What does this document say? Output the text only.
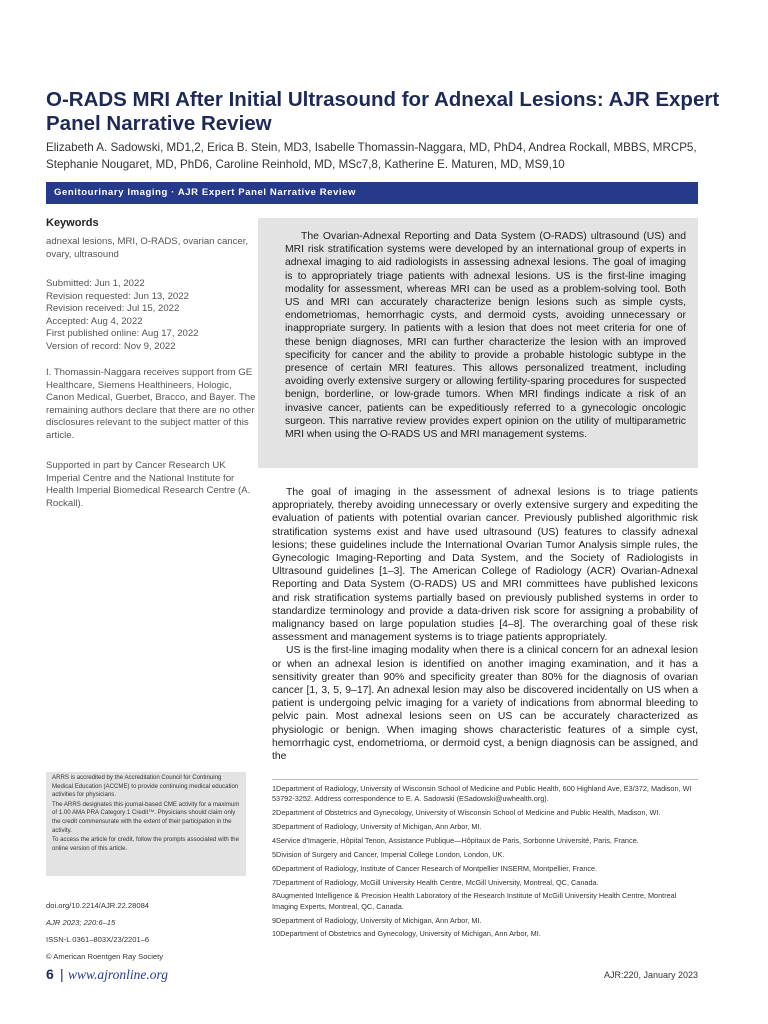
O-RADS MRI After Initial Ultrasound for Adnexal Lesions: AJR Expert Panel Narrative Review
Elizabeth A. Sadowski, MD1,2, Erica B. Stein, MD3, Isabelle Thomassin-Naggara, MD, PhD4, Andrea Rockall, MBBS, MRCP5,
Stephanie Nougaret, MD, PhD6, Caroline Reinhold, MD, MSc7,8, Katherine E. Maturen, MD, MS9,10
Genitourinary Imaging · AJR Expert Panel Narrative Review
Keywords
adnexal lesions, MRI, O-RADS, ovarian cancer, ovary, ultrasound
Submitted: Jun 1, 2022
Revision requested: Jun 13, 2022
Revision received: Jul 15, 2022
Accepted: Aug 4, 2022
First published online: Aug 17, 2022
Version of record: Nov 9, 2022
I. Thomassin-Naggara receives support from GE Healthcare, Siemens Healthineers, Hologic, Canon Medical, Guerbet, Bracco, and Bayer. The remaining authors declare that there are no other disclosures relevant to the subject matter of this article.
Supported in part by Cancer Research UK Imperial Centre and the National Institute for Health Imperial Biomedical Research Centre (A. Rockall).

ARRS is accredited by the Accreditation Council for Continuing Medical Education (ACCME) to provide continuing medical education activities for physicians.

The ARRS designates this journal-based CME activity for a maximum of 1.00 AMA PRA Category 1 Credit™. Physicians should claim only the credit commensurate with the extent of their participation in the activity.

To access the article for credit, follow the prompts associated with the online version of this article.

doi.org/10.2214/AJR.22.28084
AJR 2023; 220:6–15
ISSN-L 0361–803X/23/2201–6
© American Roentgen Ray Society
The Ovarian-Adnexal Reporting and Data System (O-RADS) ultrasound (US) and MRI risk stratification systems were developed by an international group of experts in adnexal imaging to aid radiologists in assessing adnexal lesions. The goal of imaging is to appropriately triage patients with adnexal lesions. US is the first-line imaging modality for assessment, whereas MRI can be used as a problem-solving tool. Both US and MRI can accurately characterize benign lesions such as simple cysts, endometriomas, hemorrhagic cysts, and dermoid cysts, avoiding unnecessary or inappropriate surgery. In patients with a lesion that does not meet criteria for one of these benign diagnoses, MRI can further characterize the lesion with an improved specificity for cancer and the ability to provide a probable histologic subtype in the presence of certain MRI features. This allows personalized treatment, including avoiding overly extensive surgery or allowing fertility-sparing procedures for suspected benign, borderline, or low-grade tumors. When MRI findings indicate a risk of an invasive cancer, patients can be expeditiously referred to a gynecologic oncologic surgeon. This narrative review provides expert opinion on the utility of multiparametric MRI when using the O-RADS US and MRI management systems.

The goal of imaging in the assessment of adnexal lesions is to triage patients appropriately, thereby avoiding unnecessary or overly extensive surgery and expediting the evaluation of patients with potential ovarian cancer. Previously published algorithmic risk stratification systems exist and have used ultrasound (US) features to classify adnexal lesions; these guidelines include the International Ovarian Tumor Analysis simple rules, the Gynecologic Imaging-Reporting and Data System, and the Society of Radiologists in Ultrasound guidelines [1–3]. The American College of Radiology (ACR) Ovarian-Adnexal Reporting and Data System (O-RADS) US and MRI committees have published lexicons and risk stratification systems partially based on previously published systems in order to standardize terminology and provide a data-driven risk score for assigning a probability of malignancy based on large population studies [4–8]. The overarching goal of these risk assessment and management systems is to triage patients appropriately.

US is the first-line imaging modality when there is a clinical concern for an adnexal lesion or when an adnexal lesion is identified on another imaging examination, and it has a sensitivity greater than 90% and specificity greater than 80% for the diagnosis of ovarian cancer [1, 3, 5, 9–17]. An adnexal lesion may also be discovered incidentally on US when a patient is undergoing pelvic imaging for a variety of indications from abnormal bleeding to pelvic pain. Most adnexal lesions seen on US can be accurately characterized as physiologic or benign. When imaging shows characteristic features of a simple cyst, hemorrhagic cyst, endometrioma, or dermoid cyst, a benign diagnosis can be assigned, and the

1Department of Radiology, University of Wisconsin School of Medicine and Public Health, 600 Highland Ave, E3/372, Madison, WI 53792-3252. Address correspondence to E. A. Sadowski (ESadowski@uwhealth.org).
2Department of Obstetrics and Gynecology, University of Wisconsin School of Medicine and Public Health, Madison, WI.
3Department of Radiology, University of Michigan, Ann Arbor, MI.
4Service d'Imagerie, Hôpital Tenon, Assistance Publique—Hôpitaux de Paris, Sorbonne Université, Paris, France.
5Division of Surgery and Cancer, Imperial College London, London, UK.
6Department of Radiology, Institute of Cancer Research of Montpellier INSERM, Montpellier, France.
7Department of Radiology, McGill University Health Centre, McGill University, Montreal, QC, Canada.
8Augmented Intelligence & Precision Health Laboratory of the Research Institute of McGill University Health Centre, Montreal Imaging Experts, Montreal, QC, Canada.
9Department of Radiology, University of Michigan, Ann Arbor, MI.
10Department of Obstetrics and Gynecology, University of Michigan, Ann Arbor, MI.
6 | www.ajronline.org	AJR:220, January 2023
